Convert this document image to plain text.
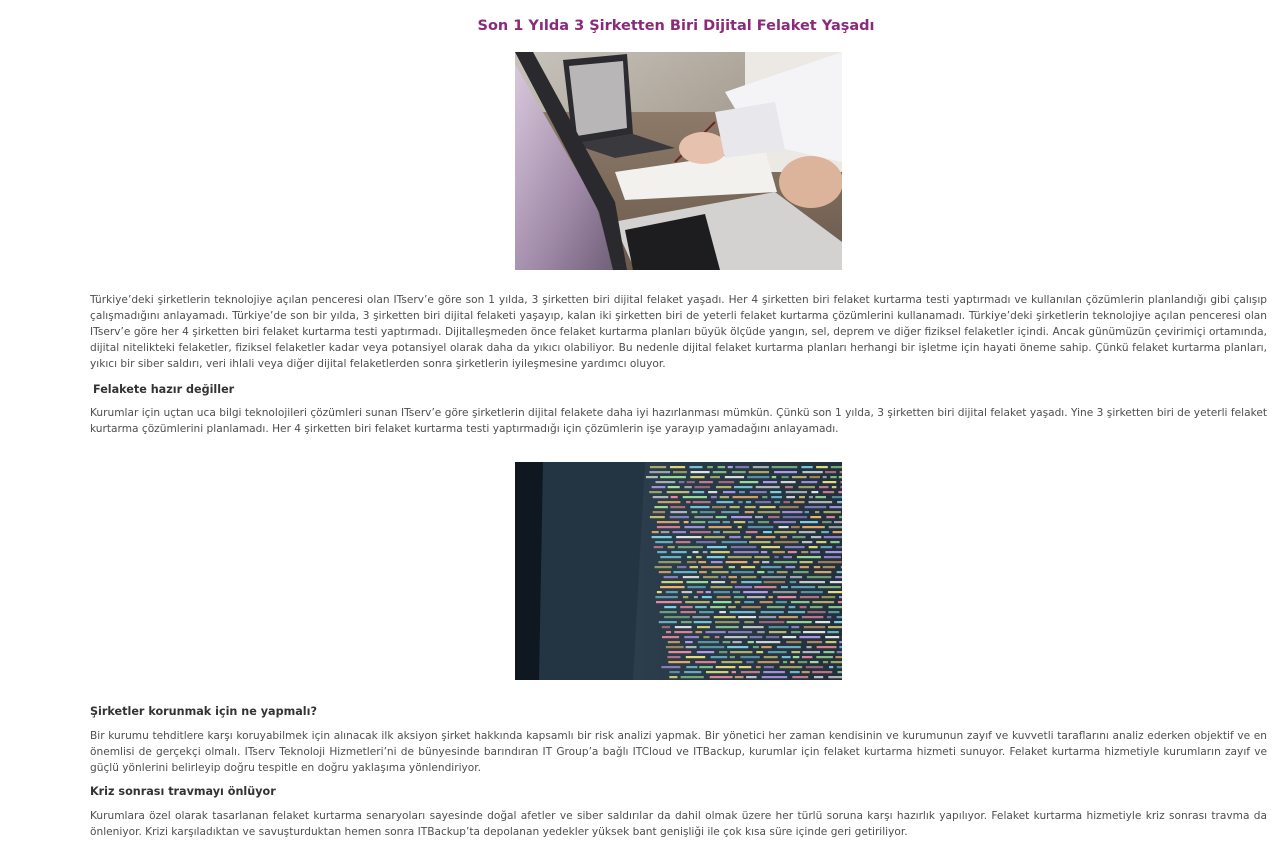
Son 1 Yılda 3 Şirketten Biri Dijital Felaket Yaşadı

Türkiye’deki şirketlerin teknolojiye açılan penceresi olan ITserv’e göre son 1 yılda, 3 şirketten biri dijital felaket yaşadı. Her 4 şirketten biri felaket kurtarma testi yaptırmadı ve kullanılan çözümlerin planlandığı gibi çalışıp çalışmadığını anlayamadı. Türkiye’de son bir yılda, 3 şirketten biri dijital felaketi yaşayıp, kalan iki şirketten biri de yeterli felaket kurtarma çözümlerini kullanamadı. Türkiye’deki şirketlerin teknolojiye açılan penceresi olan ITserv’e göre her 4 şirketten biri felaket kurtarma testi yaptırmadı. Dijitalleşmeden önce felaket kurtarma planları büyük ölçüde yangın, sel, deprem ve diğer fiziksel felaketler içindi. Ancak günümüzün çevirimiçi ortamında, dijital nitelikteki felaketler, fiziksel felaketler kadar veya potansiyel olarak daha da yıkıcı olabiliyor. Bu nedenle dijital felaket kurtarma planları herhangi bir işletme için hayati öneme sahip. Çünkü felaket kurtarma planları, yıkıcı bir siber saldırı, veri ihlali veya diğer dijital felaketlerden sonra şirketlerin iyileşmesine yardımcı oluyor.

Felakete hazır değiller

Kurumlar için uçtan uca bilgi teknolojileri çözümleri sunan ITserv’e göre şirketlerin dijital felakete daha iyi hazırlanması mümkün. Çünkü son 1 yılda, 3 şirketten biri dijital felaket yaşadı. Yine 3 şirketten biri de yeterli felaket kurtarma çözümlerini planlamadı. Her 4 şirketten biri felaket kurtarma testi yaptırmadığı için çözümlerin işe yarayıp yamadağını anlayamadı.

Şirketler korunmak için ne yapmalı?

Bir kurumu tehditlere karşı koruyabilmek için alınacak ilk aksiyon şirket hakkında kapsamlı bir risk analizi yapmak. Bir yönetici her zaman kendisinin ve kurumunun zayıf ve kuvvetli taraflarını analiz ederken objektif ve en önemlisi de gerçekçi olmalı. ITserv Teknoloji Hizmetleri’ni de bünyesinde barındıran IT Group’a bağlı ITCloud ve ITBackup, kurumlar için felaket kurtarma hizmeti sunuyor. Felaket kurtarma hizmetiyle kurumların zayıf ve güçlü yönlerini belirleyip doğru tespitle en doğru yaklaşıma yönlendiriyor.

Kriz sonrası travmayı önlüyor

Kurumlara özel olarak tasarlanan felaket kurtarma senaryoları sayesinde doğal afetler ve siber saldırılar da dahil olmak üzere her türlü soruna karşı hazırlık yapılıyor. Felaket kurtarma hizmetiyle kriz sonrası travma da önleniyor. Krizi karşıladıktan ve savuşturduktan hemen sonra ITBackup’ta depolanan yedekler yüksek bant genişliği ile çok kısa süre içinde geri getiriliyor.
